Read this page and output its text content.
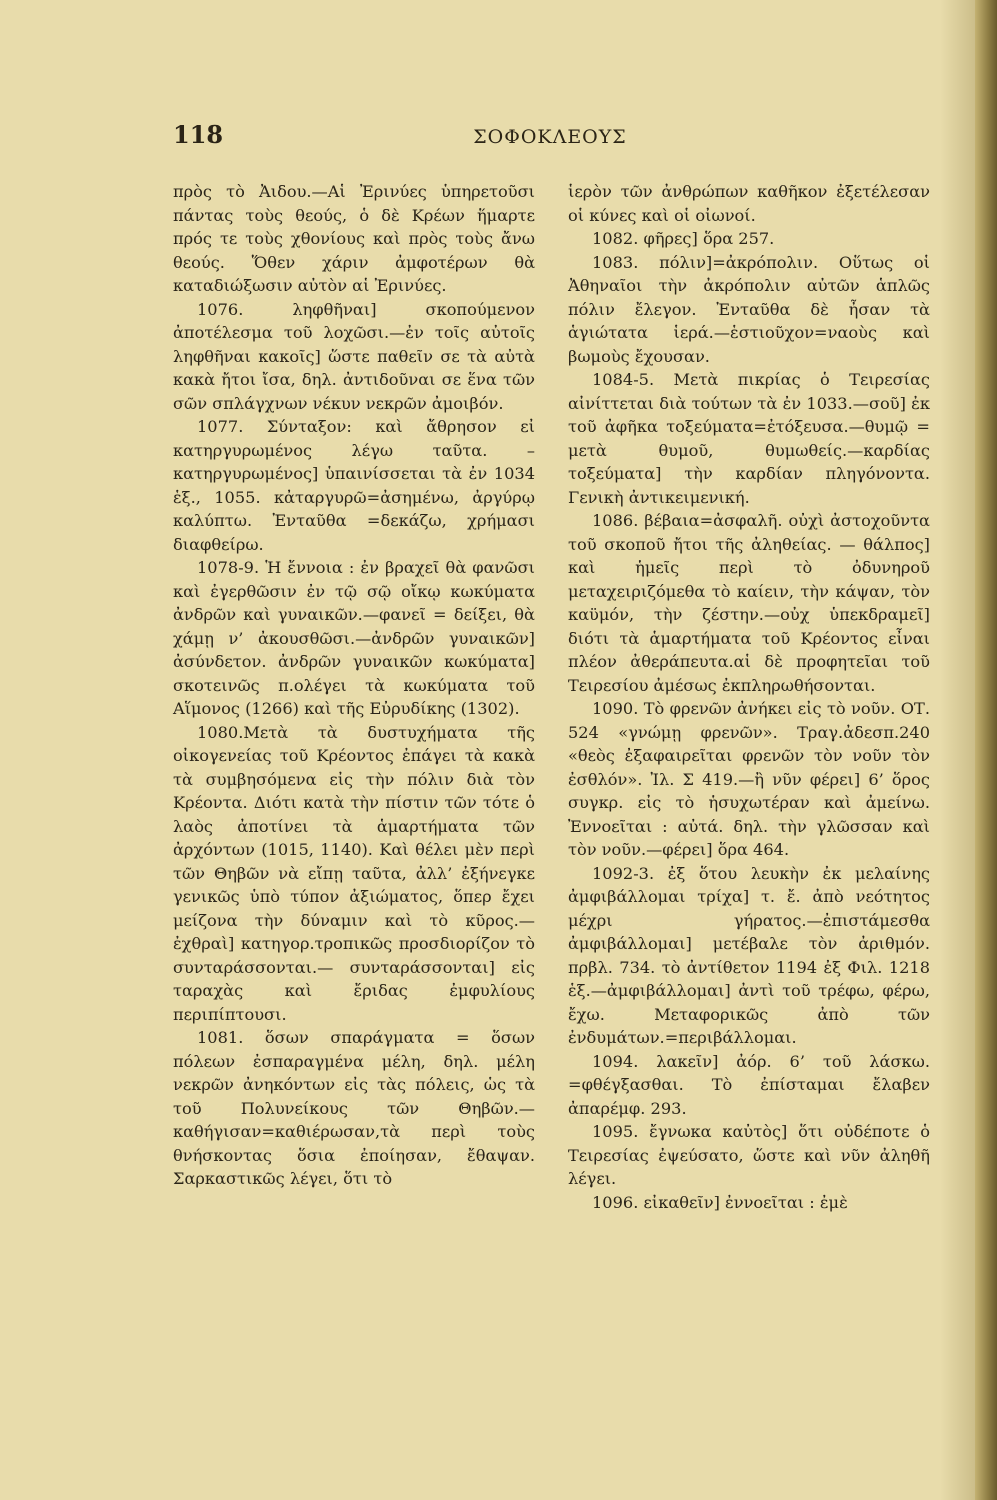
118	ΣΟΦΟΚΛΕΟΥΣ

πρὸς τὸ Ἀιδου.—Αἱ Ἐρινύες ὑπηρετοῦσι πάντας τοὺς θεούς, ὁ δὲ Κρέων ἥμαρτε πρός τε τοὺς χθονίους καὶ πρὸς τοὺς ἄνω θεούς. Ὅθεν χάριν ἀμφοτέρων θὰ καταδιώξωσιν αὐτὸν αἱ Ἐρινύες.

1076. ληφθῆναι] σκοπούμενον ἀποτέλεσμα τοῦ λοχῶσι.—ἐν τοῖς αὐτοῖς ληφθῆναι κακοῖς] ὥστε παθεῖν σε τὰ αὐτὰ κακὰ ἤτοι ἴσα, δηλ. ἀντιδοῦναι σε ἕνα τῶν σῶν σπλάγχνων νέκυν νεκρῶν ἀμοιβόν.

1077. Σύνταξον: καὶ ἄθρησον εἰ κατηργυρωμένος λέγω ταῦτα. – κατηργυρωμένος] ὑπαινίσσεται τὰ ἐν 1034 ἑξ., 1055. κἀταργυρῶ=ἀσημένω, ἀργύρῳ καλύπτω. Ἐνταῦθα =δεκάζω, χρήμασι διαφθείρω.

1078-9. Ἡ ἔννοια : ἐν βραχεῖ θὰ φανῶσι καὶ ἐγερθῶσιν ἐν τῷ σῷ οἴκῳ κωκύματα ἀνδρῶν καὶ γυναικῶν.—φανεῖ = δείξει, θὰ χάμῃ ν’ ἀκουσθῶσι.—ἀνδρῶν γυναικῶν] ἀσύνδετον. ἀνδρῶν γυναικῶν κωκύματα] σκοτεινῶς π.ολέγει τὰ κωκύματα τοῦ Αἵμονος (1266) καὶ τῆς Εὐρυδίκης (1302).

1080.Μετὰ τὰ δυστυχήματα τῆς οἰκογενείας τοῦ Κρέοντος ἐπάγει τὰ κακὰ τὰ συμβησόμενα εἰς τὴν πόλιν διὰ τὸν Κρέοντα. Διότι κατὰ τὴν πίστιν τῶν τότε ὁ λαὸς ἀποτίνει τὰ ἁμαρτήματα τῶν ἀρχόντων (1015, 1140). Καὶ θέλει μὲν περὶ τῶν Θηβῶν νὰ εἴπῃ ταῦτα, ἀλλ’ ἐξήνεγκε γενικῶς ὑπὸ τύπον ἀξιώματος, ὅπερ ἔχει μείζονα τὴν δύναμιν καὶ τὸ κῦρος.— ἐχθραὶ] κατηγορ.τροπικῶς προσδιορίζον τὸ συνταράσσονται.— συνταράσσονται] εἰς ταραχὰς καὶ ἔριδας ἐμφυλίους περιπίπτουσι.

1081. ὅσων σπαράγματα = ὅσων πόλεων ἐσπαραγμένα μέλη, δηλ. μέλη νεκρῶν ἀνηκόντων εἰς τὰς πόλεις, ὡς τὰ τοῦ Πολυνείκους τῶν Θηβῶν.—καθήγισαν=καθιέρωσαν,τὰ περὶ τοὺς θνήσκοντας ὅσια ἐποίησαν, ἔθαψαν. Σαρκαστικῶς λέγει, ὅτι τὸ

ἱερὸν τῶν ἀνθρώπων καθῆκον ἐξετέλεσαν οἱ κύνες καὶ οἱ οἰωνοί.

1082. φῆρες] ὅρα 257.

1083. πόλιν]=ἀκρόπολιν. Οὕτως οἱ Ἀθηναῖοι τὴν ἀκρόπολιν αὐτῶν ἁπλῶς πόλιν ἔλεγον. Ἐνταῦθα δὲ ἦσαν τὰ ἁγιώτατα ἱερά.—ἑστιοῦχον=ναοὺς καὶ βωμοὺς ἔχουσαν.

1084-5. Μετὰ πικρίας ὁ Τειρεσίας αἰνίττεται διὰ τούτων τὰ ἐν 1033.—σοῦ] ἐκ τοῦ ἀφῆκα τοξεύματα=ἐτόξευσα.—θυμῷ = μετὰ θυμοῦ, θυμωθείς.—καρδίας τοξεύματα] τὴν καρδίαν πληγόνοντα. Γενικὴ ἀντικειμενική.

1086. βέβαια=ἀσφαλῆ. οὐχὶ ἀστοχοῦντα τοῦ σκοποῦ ἤτοι τῆς ἀληθείας. — θάλπος] καὶ ἡμεῖς περὶ τὸ ὀδυνηροῦ μεταχειριζόμεθα τὸ καίειν, τὴν κάψαν, τὸν καϋμόν, τὴν ζέστην.—οὐχ ὑπεκδραμεῖ] διότι τὰ ἁμαρτήματα τοῦ Κρέοντος εἶναι πλέον ἀθεράπευτα.αἱ δὲ προφητεῖαι τοῦ Τειρεσίου ἀμέσως ἐκπληρωθήσονται.

1090. Τὸ φρενῶν ἀνήκει εἰς τὸ νοῦν. ΟΤ. 524 «γνώμῃ φρενῶν». Τραγ.ἀδεσπ.240 «θεὸς ἐξαφαιρεῖται φρενῶν τὸν νοῦν τὸν ἐσθλόν». Ἰλ. Σ 419.—ἢ νῦν φέρει] 6’ ὅρος συγκρ. εἰς τὸ ἡσυχωτέραν καὶ ἀμείνω. Ἐννοεῖται : αὐτά. δηλ. τὴν γλῶσσαν καὶ τὸν νοῦν.—φέρει] ὅρα 464.

1092-3. ἐξ ὅτου λευκὴν ἐκ μελαίνης ἀμφιβάλλομαι τρίχα] τ. ἔ. ἀπὸ νεότητος μέχρι γήρατος.—ἐπιστάμεσθα ἀμφιβάλλομαι] μετέβαλε τὸν ἀριθμόν. πρβλ. 734. τὸ ἀντίθετον 1194 ἐξ Φιλ. 1218 ἑξ.—ἀμφιβάλλομαι] ἀντὶ τοῦ τρέφω, φέρω, ἔχω. Μεταφορικῶς ἀπὸ τῶν ἐνδυμάτων.=περιβάλλομαι.

1094. λακεῖν] ἀόρ. 6’ τοῦ λάσκω. =φθέγξασθαι. Τὸ ἐπίσταμαι ἔλαβεν ἀπαρέμφ. 293.

1095. ἔγνωκα καὐτὸς] ὅτι οὐδέποτε ὁ Τειρεσίας ἐψεύσατο, ὥστε καὶ νῦν ἀληθῆ λέγει.

1096. εἰκαθεῖν] ἐννοεῖται : ἐμὲ
